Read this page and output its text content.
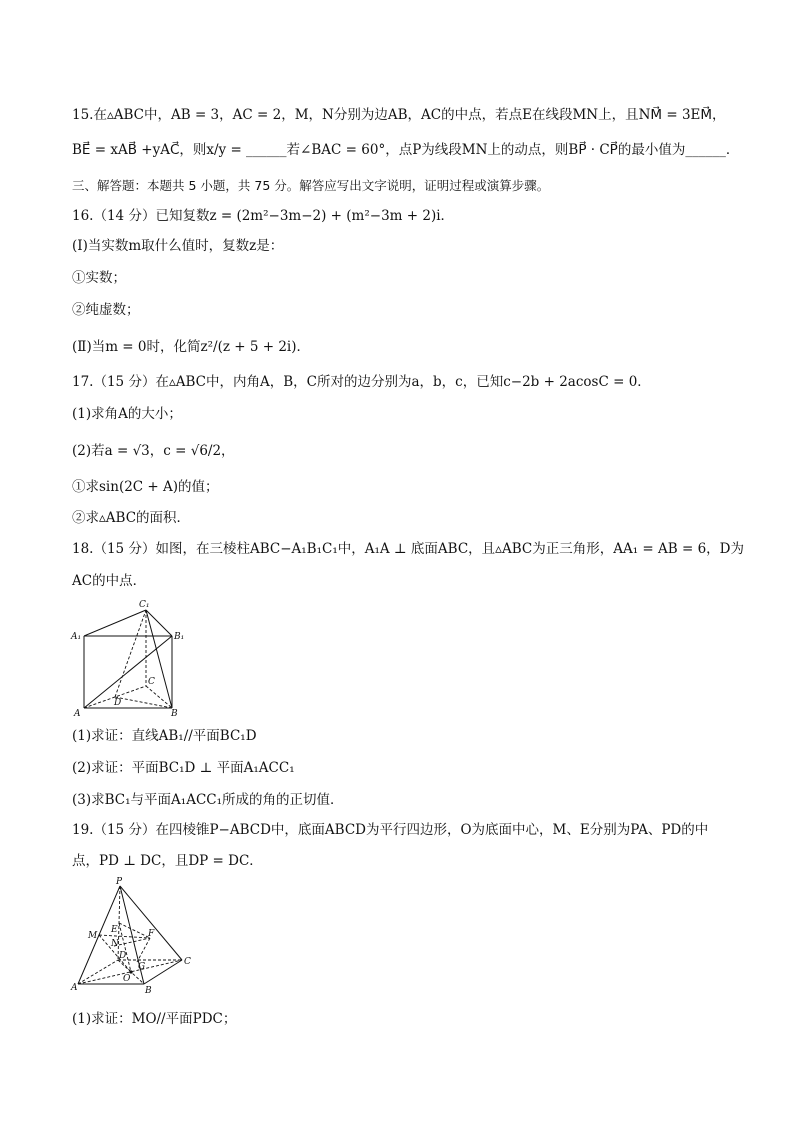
15.在▵ABC中，AB = 3，AC = 2，M，N分别为边AB，AC的中点，若点E在线段MN上，且NM⃗ = 3EM⃗，
BE⃗ = xAB⃗ +yAC⃗，则x/y = ______若∠BAC = 60°，点P为线段MN上的动点，则BP⃗ · CP⃗的最小值为______．
三、解答题：本题共 5 小题，共 75 分。解答应写出文字说明，证明过程或演算步骤。
16.（14 分）已知复数z = (2m²−3m−2) + (m²−3m + 2)i．
(Ⅰ)当实数m取什么值时，复数z是：
①实数；
②纯虚数；
(Ⅱ)当m = 0时，化简z²/(z + 5 + 2i)．
17.（15 分）在▵ABC中，内角A，B，C所对的边分别为a，b，c，已知c−2b + 2acosC = 0．
(1)求角A的大小；
(2)若a = √3，c = √6/2，
①求sin(2C + A)的值；
②求▵ABC的面积．
18.（15 分）如图，在三棱柱ABC−A₁B₁C₁中，A₁A ⊥ 底面ABC，且▵ABC为正三角形，AA₁ = AB = 6，D为
AC的中点．
C₁
A₁	B₁
C
D
A	B
(1)求证：直线AB₁//平面BC₁D
(2)求证：平面BC₁D ⊥ 平面A₁ACC₁
(3)求BC₁与平面A₁ACC₁所成的角的正切值．
19.（15 分）在四棱锥P−ABCD中，底面ABCD为平行四边形，O为底面中心，M、E分别为PA、PD的中
点，PD ⊥ DC，且DP = DC．
P
M
E	F
N
D
G	C
O
A	B
(1)求证：MO//平面PDC；
